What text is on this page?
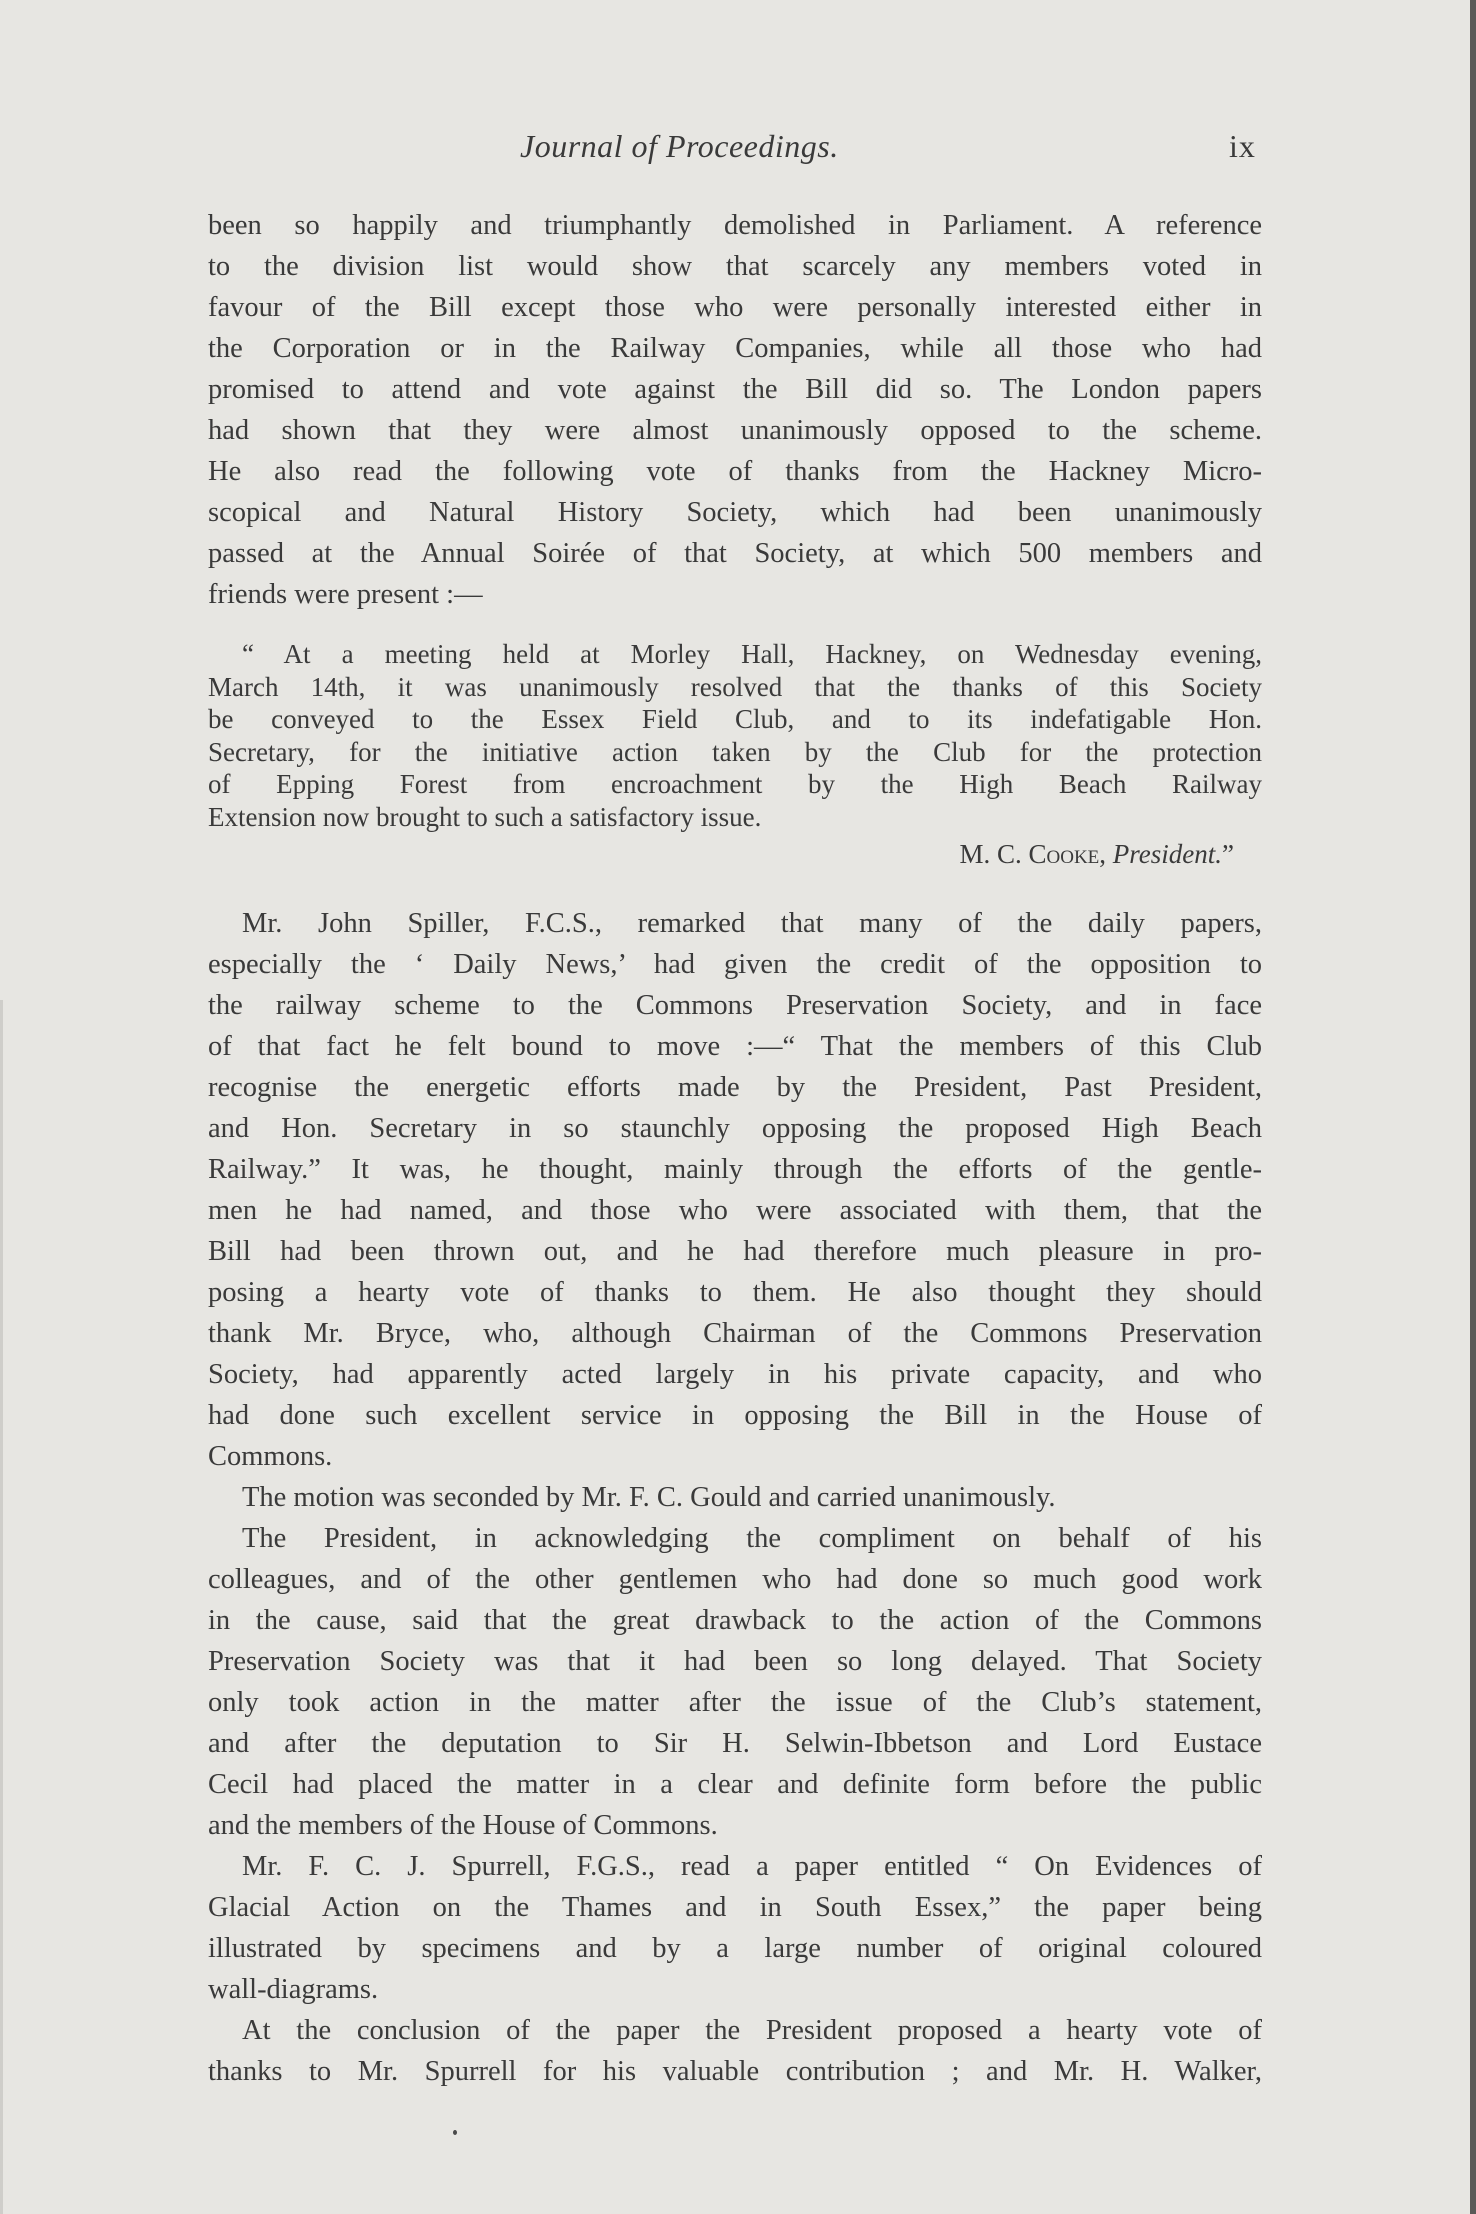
Journal of Proceedings.	ix
been so happily and triumphantly demolished in Parliament. A reference
to the division list would show that scarcely any members voted in
favour of the Bill except those who were personally interested either in
the Corporation or in the Railway Companies, while all those who had
promised to attend and vote against the Bill did so. The London papers
had shown that they were almost unanimously opposed to the scheme.
He also read the following vote of thanks from the Hackney Micro-
scopical and Natural History Society, which had been unanimously
passed at the Annual Soirée of that Society, at which 500 members and
friends were present :—
“ At a meeting held at Morley Hall, Hackney, on Wednesday evening,
March 14th, it was unanimously resolved that the thanks of this Society
be conveyed to the Essex Field Club, and to its indefatigable Hon.
Secretary, for the initiative action taken by the Club for the protection
of Epping Forest from encroachment by the High Beach Railway
Extension now brought to such a satisfactory issue.
M. C. Cooke, President.”
Mr. John Spiller, F.C.S., remarked that many of the daily papers,
especially the ‘ Daily News,’ had given the credit of the opposition to
the railway scheme to the Commons Preservation Society, and in face
of that fact he felt bound to move :—“ That the members of this Club
recognise the energetic efforts made by the President, Past President,
and Hon. Secretary in so staunchly opposing the proposed High Beach
Railway.” It was, he thought, mainly through the efforts of the gentle-
men he had named, and those who were associated with them, that the
Bill had been thrown out, and he had therefore much pleasure in pro-
posing a hearty vote of thanks to them. He also thought they should
thank Mr. Bryce, who, although Chairman of the Commons Preservation
Society, had apparently acted largely in his private capacity, and who
had done such excellent service in opposing the Bill in the House of
Commons.
The motion was seconded by Mr. F. C. Gould and carried unanimously.
The President, in acknowledging the compliment on behalf of his
colleagues, and of the other gentlemen who had done so much good work
in the cause, said that the great drawback to the action of the Commons
Preservation Society was that it had been so long delayed. That Society
only took action in the matter after the issue of the Club’s statement,
and after the deputation to Sir H. Selwin-Ibbetson and Lord Eustace
Cecil had placed the matter in a clear and definite form before the public
and the members of the House of Commons.
Mr. F. C. J. Spurrell, F.G.S., read a paper entitled “ On Evidences of
Glacial Action on the Thames and in South Essex,” the paper being
illustrated by specimens and by a large number of original coloured
wall-diagrams.
At the conclusion of the paper the President proposed a hearty vote of
thanks to Mr. Spurrell for his valuable contribution ; and Mr. H. Walker,
